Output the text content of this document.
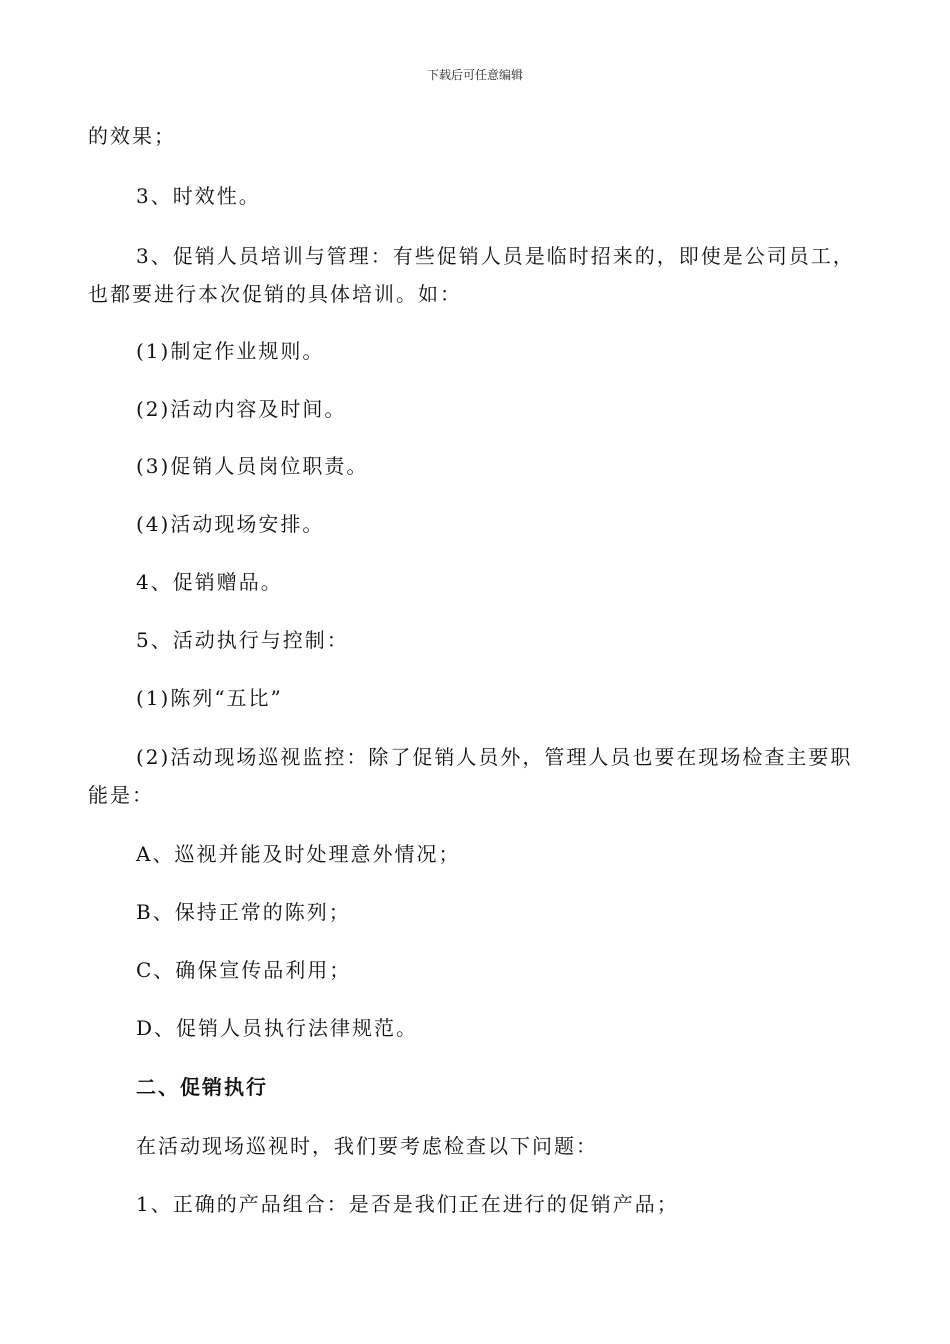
下载后可任意编辑
的效果；
3、时效性。
3、促销人员培训与管理：有些促销人员是临时招来的，即使是公司员工，
也都要进行本次促销的具体培训。如：
(1)制定作业规则。
(2)活动内容及时间。
(3)促销人员岗位职责。
(4)活动现场安排。
4、促销赠品。
5、活动执行与控制：
(1)陈列“五比”
(2)活动现场巡视监控：除了促销人员外，管理人员也要在现场检查主要职
能是：
A、巡视并能及时处理意外情况；
B、保持正常的陈列；
C、确保宣传品利用；
D、促销人员执行法律规范。
二、促销执行
在活动现场巡视时，我们要考虑检查以下问题：
1、正确的产品组合：是否是我们正在进行的促销产品；
